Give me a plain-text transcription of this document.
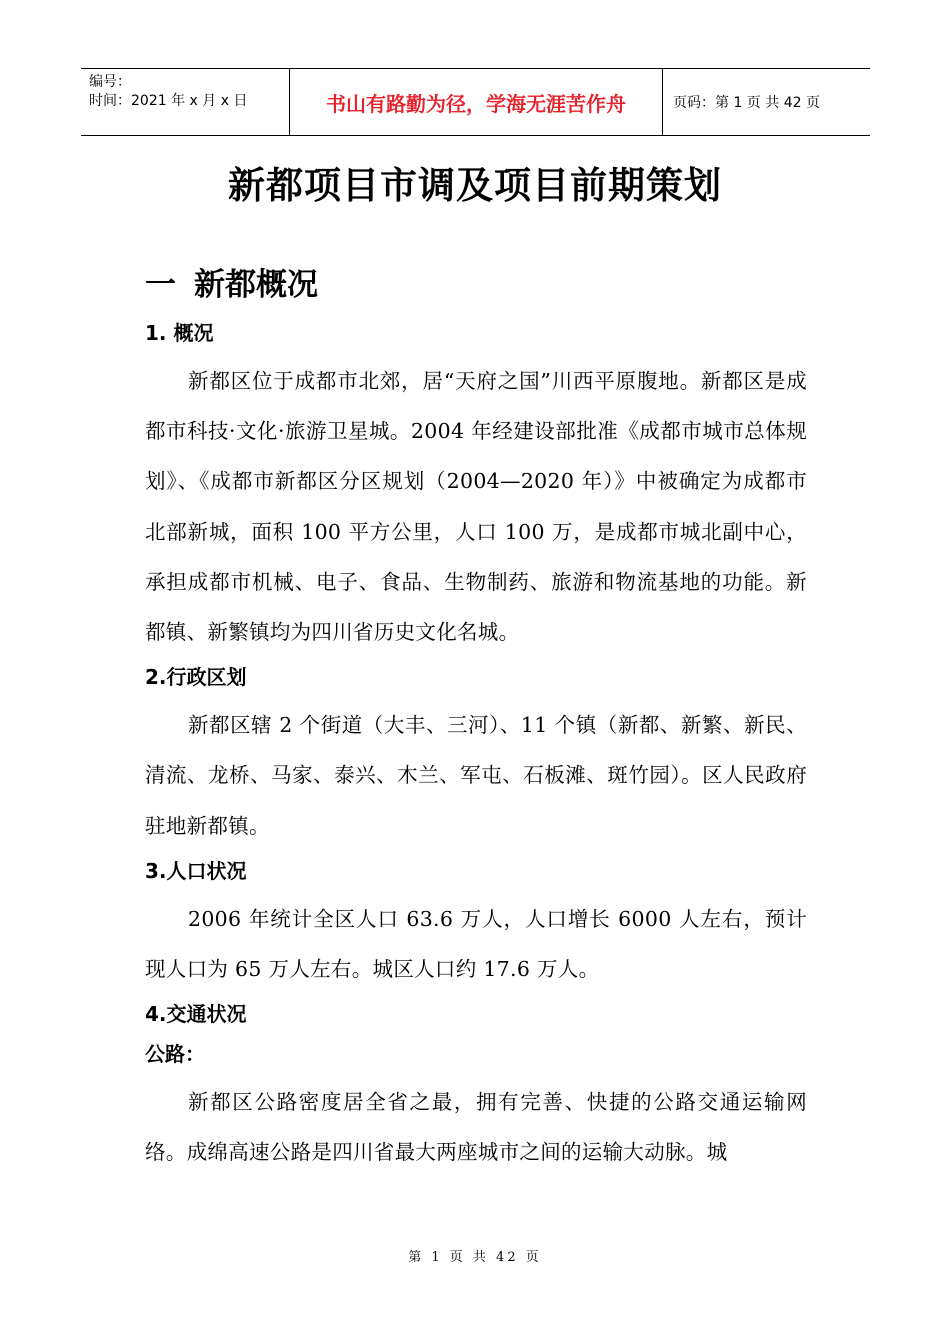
编号：
时间：2021 年 x 月 x 日	书山有路勤为径，学海无涯苦作舟	页码：第 1 页 共 42 页
新都项目市调及项目前期策划
一 新都概况
1. 概况

新都区位于成都市北郊，居“天府之国”川西平原腹地。新都区是成都市科技·文化·旅游卫星城。2004 年经建设部批准《成都市城市总体规划》、《成都市新都区分区规划（2004—2020 年）》中被确定为成都市北部新城，面积 100 平方公里，人口 100 万，是成都市城北副中心，承担成都市机械、电子、食品、生物制药、旅游和物流基地的功能。新都镇、新繁镇均为四川省历史文化名城。

2.行政区划

新都区辖 2 个街道（大丰、三河）、11 个镇（新都、新繁、新民、清流、龙桥、马家、泰兴、木兰、军屯、石板滩、斑竹园）。区人民政府驻地新都镇。

3.人口状况

2006 年统计全区人口 63.6 万人，人口增长 6000 人左右，预计现人口为 65 万人左右。城区人口约 17.6 万人。

4.交通状况
公路：

新都区公路密度居全省之最，拥有完善、快捷的公路交通运输网络。成绵高速公路是四川省最大两座城市之间的运输大动脉。城

第 1 页 共 42 页
